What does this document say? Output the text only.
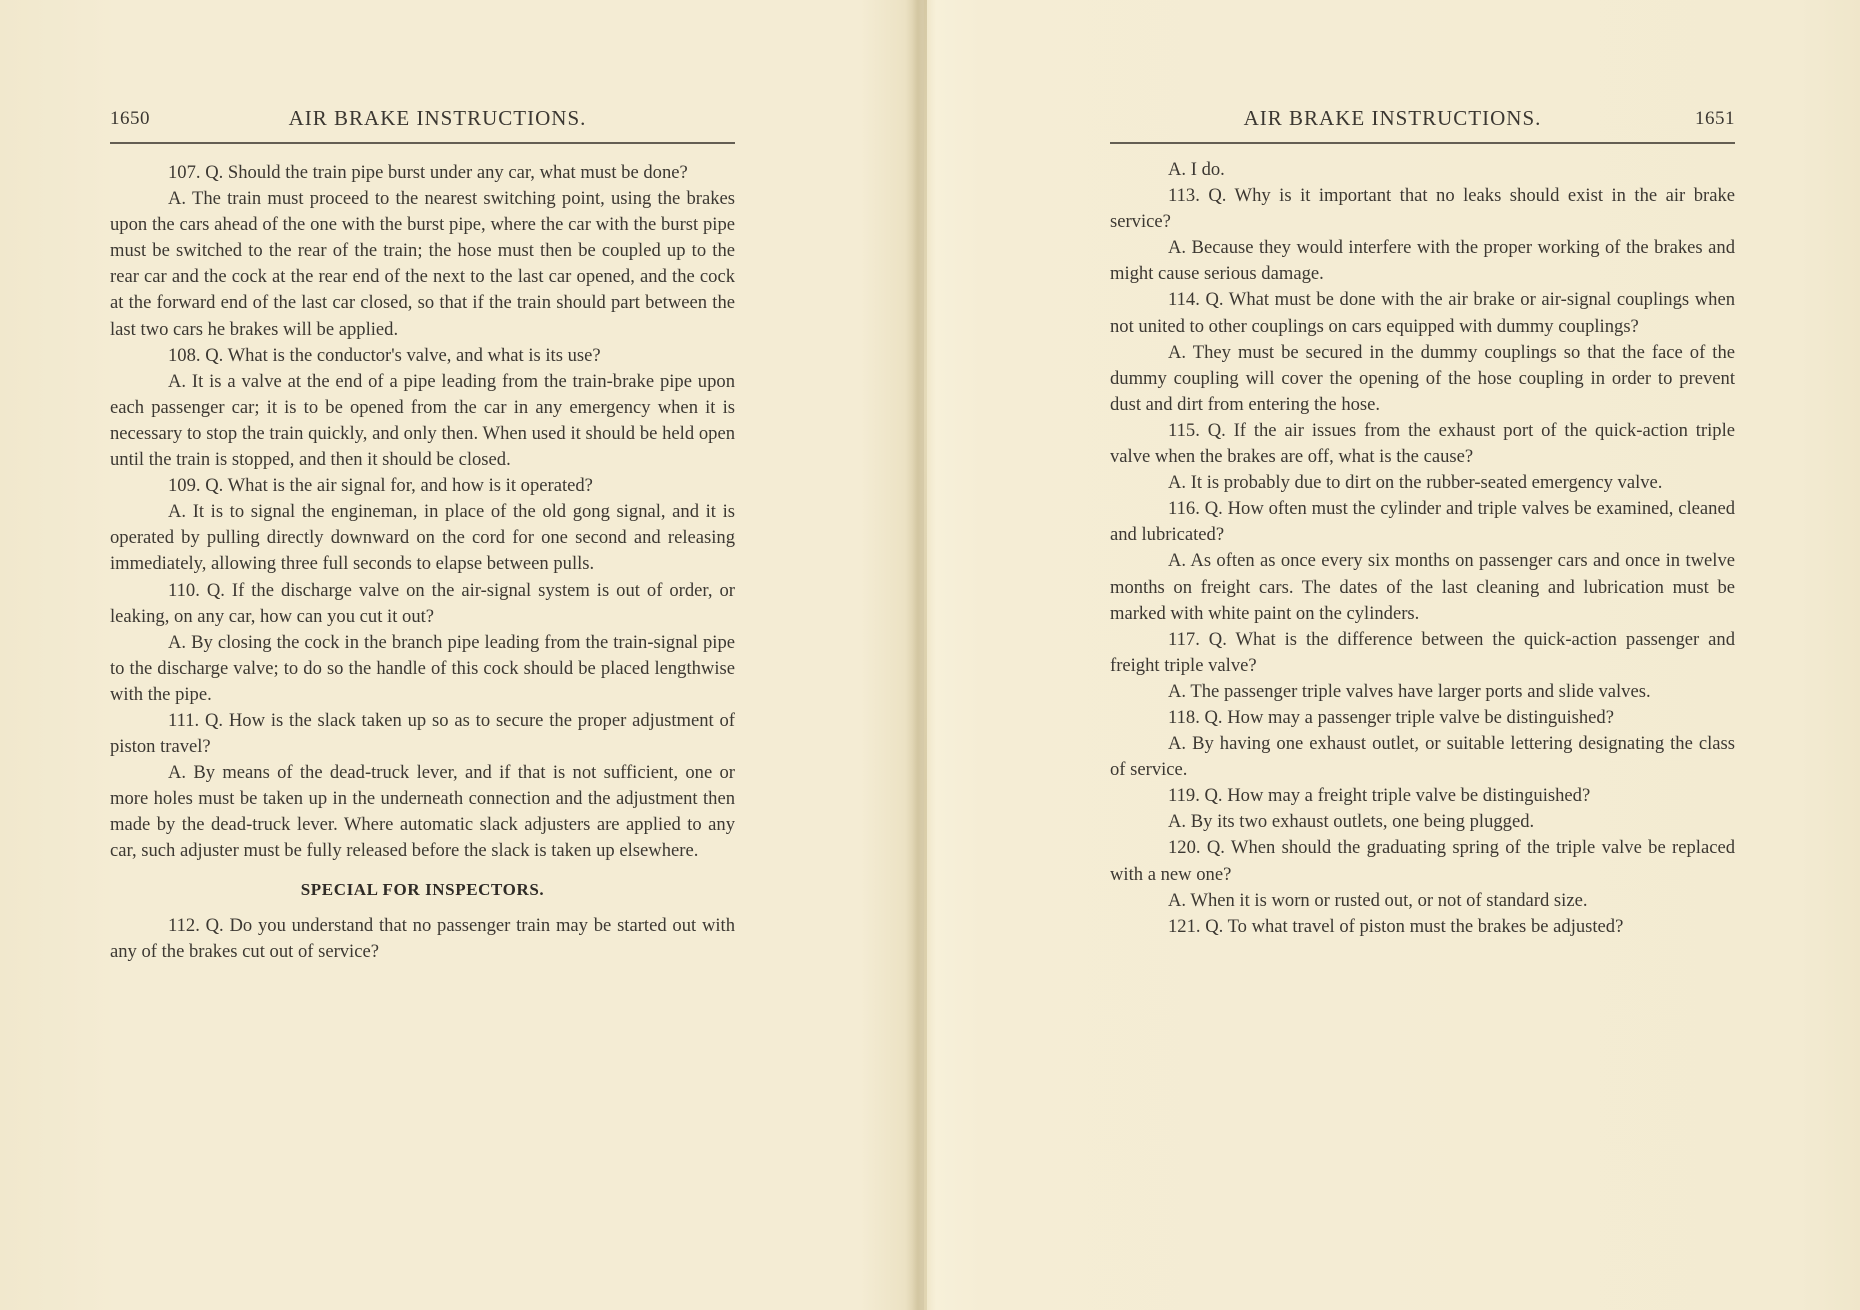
1650	AIR BRAKE INSTRUCTIONS.

107. Q. Should the train pipe burst under any car, what must be done?

A. The train must proceed to the nearest switching point, using the brakes upon the cars ahead of the one with the burst pipe, where the car with the burst pipe must be switched to the rear of the train; the hose must then be coupled up to the rear car and the cock at the rear end of the next to the last car opened, and the cock at the forward end of the last car closed, so that if the train should part between the last two cars he brakes will be applied.

108. Q. What is the conductor's valve, and what is its use?

A. It is a valve at the end of a pipe leading from the train-brake pipe upon each passenger car; it is to be opened from the car in any emergency when it is necessary to stop the train quickly, and only then. When used it should be held open until the train is stopped, and then it should be closed.

109. Q. What is the air signal for, and how is it operated?

A. It is to signal the engineman, in place of the old gong signal, and it is operated by pulling directly downward on the cord for one second and releasing immediately, allowing three full seconds to elapse between pulls.

110. Q. If the discharge valve on the air-signal system is out of order, or leaking, on any car, how can you cut it out?

A. By closing the cock in the branch pipe leading from the train-signal pipe to the discharge valve; to do so the handle of this cock should be placed lengthwise with the pipe.

111. Q. How is the slack taken up so as to secure the proper adjustment of piston travel?

A. By means of the dead-truck lever, and if that is not sufficient, one or more holes must be taken up in the underneath connection and the adjustment then made by the dead-truck lever. Where automatic slack adjusters are applied to any car, such adjuster must be fully released before the slack is taken up elsewhere.

SPECIAL FOR INSPECTORS.

112. Q. Do you understand that no passenger train may be started out with any of the brakes cut out of service?

AIR BRAKE INSTRUCTIONS.	1651

A. I do.

113. Q. Why is it important that no leaks should exist in the air brake service?

A. Because they would interfere with the proper working of the brakes and might cause serious damage.

114. Q. What must be done with the air brake or air-signal couplings when not united to other couplings on cars equipped with dummy couplings?

A. They must be secured in the dummy couplings so that the face of the dummy coupling will cover the opening of the hose coupling in order to prevent dust and dirt from entering the hose.

115. Q. If the air issues from the exhaust port of the quick-action triple valve when the brakes are off, what is the cause?

A. It is probably due to dirt on the rubber-seated emergency valve.

116. Q. How often must the cylinder and triple valves be examined, cleaned and lubricated?

A. As often as once every six months on passenger cars and once in twelve months on freight cars. The dates of the last cleaning and lubrication must be marked with white paint on the cylinders.

117. Q. What is the difference between the quick-action passenger and freight triple valve?

A. The passenger triple valves have larger ports and slide valves.

118. Q. How may a passenger triple valve be distinguished?

A. By having one exhaust outlet, or suitable lettering designating the class of service.

119. Q. How may a freight triple valve be distinguished?

A. By its two exhaust outlets, one being plugged.

120. Q. When should the graduating spring of the triple valve be replaced with a new one?

A. When it is worn or rusted out, or not of standard size.

121. Q. To what travel of piston must the brakes be adjusted?
